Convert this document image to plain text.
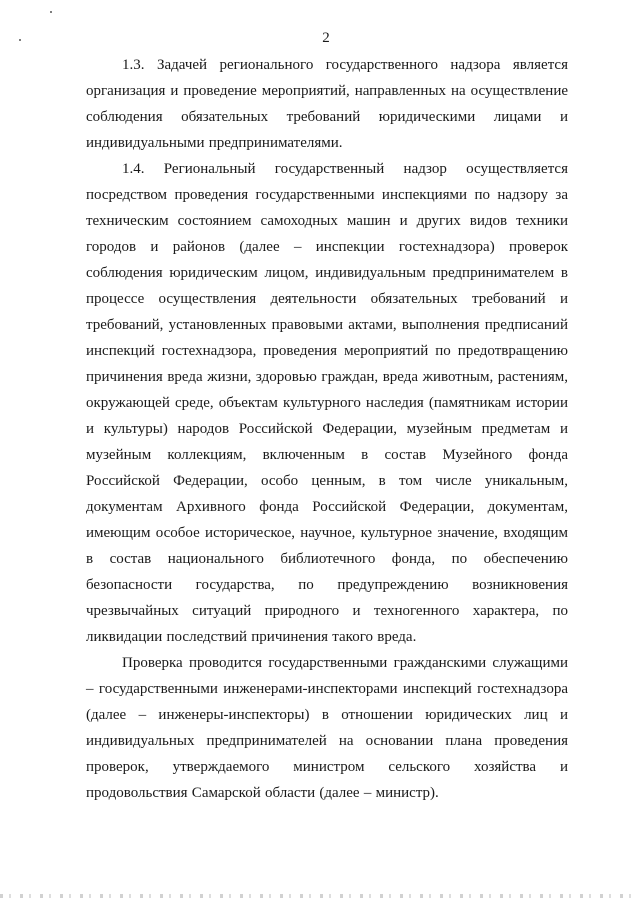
2

1.3. Задачей регионального государственного надзора является организация и проведение мероприятий, направленных на осуществление соблюдения обязательных требований юридическими лицами и индивидуальными предпринимателями.

1.4. Региональный государственный надзор осуществляется посредством проведения государственными инспекциями по надзору за техническим состоянием самоходных машин и других видов техники городов и районов (далее – инспекции гостехнадзора) проверок соблюдения юридическим лицом, индивидуальным предпринимателем в процессе осуществления деятельности обязательных требований и требований, установленных правовыми актами, выполнения предписаний инспекций гостехнадзора, проведения мероприятий по предотвращению причинения вреда жизни, здоровью граждан, вреда животным, растениям, окружающей среде, объектам культурного наследия (памятникам истории и культуры) народов Российской Федерации, музейным предметам и музейным коллекциям, включенным в состав Музейного фонда Российской Федерации, особо ценным, в том числе уникальным, документам Архивного фонда Российской Федерации, документам, имеющим особое историческое, научное, культурное значение, входящим в состав национального библиотечного фонда, по обеспечению безопасности государства, по предупреждению возникновения чрезвычайных ситуаций природного и техногенного характера, по ликвидации последствий причинения такого вреда.

Проверка проводится государственными гражданскими служащими – государственными инженерами-инспекторами инспекций гостехнадзора (далее – инженеры-инспекторы) в отношении юридических лиц и индивидуальных предпринимателей на основании плана проведения проверок, утверждаемого министром сельского хозяйства и продовольствия Самарской области (далее – министр).
